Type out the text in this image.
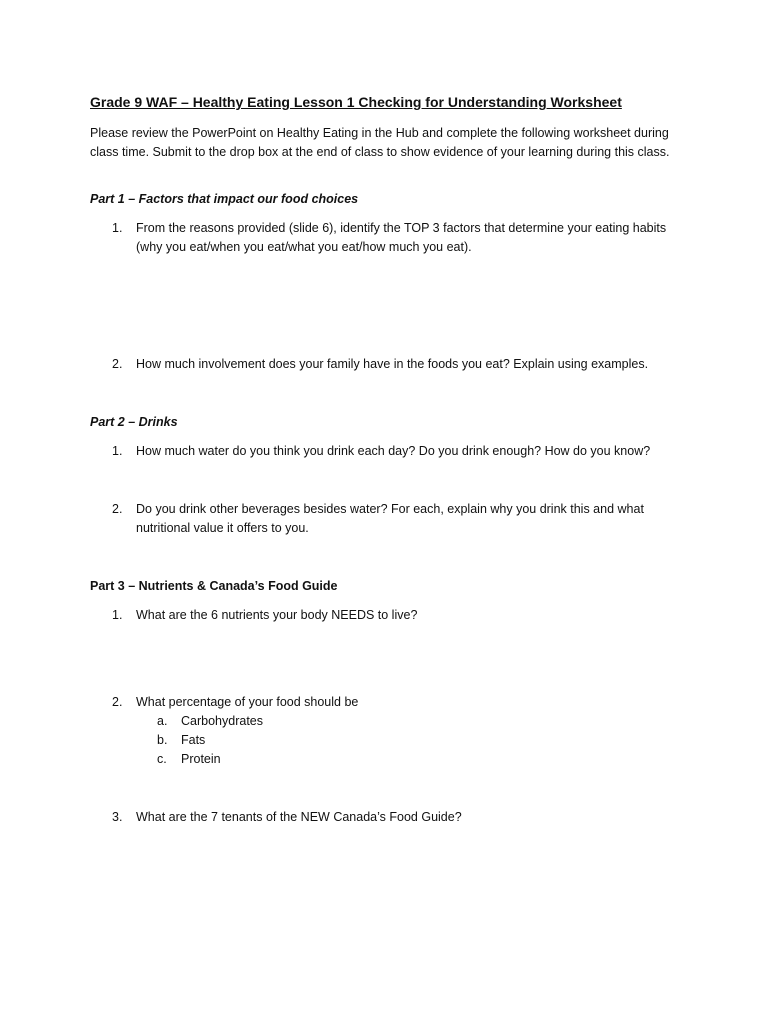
Grade 9 WAF – Healthy Eating Lesson 1 Checking for Understanding Worksheet
Please review the PowerPoint on Healthy Eating in the Hub and complete the following worksheet during class time. Submit to the drop box at the end of class to show evidence of your learning during this class.
Part 1 – Factors that impact our food choices
1.	From the reasons provided (slide 6), identify the TOP 3 factors that determine your eating habits (why you eat/when you eat/what you eat/how much you eat).
2.	How much involvement does your family have in the foods you eat? Explain using examples.
Part 2 – Drinks
1.	How much water do you think you drink each day? Do you drink enough? How do you know?
2.	Do you drink other beverages besides water? For each, explain why you drink this and what nutritional value it offers to you.
Part 3 – Nutrients & Canada’s Food Guide
1.	What are the 6 nutrients your body NEEDS to live?
2.	What percentage of your food should be
a.	Carbohydrates
b.	Fats
c.	Protein
3.	What are the 7 tenants of the NEW Canada’s Food Guide?
